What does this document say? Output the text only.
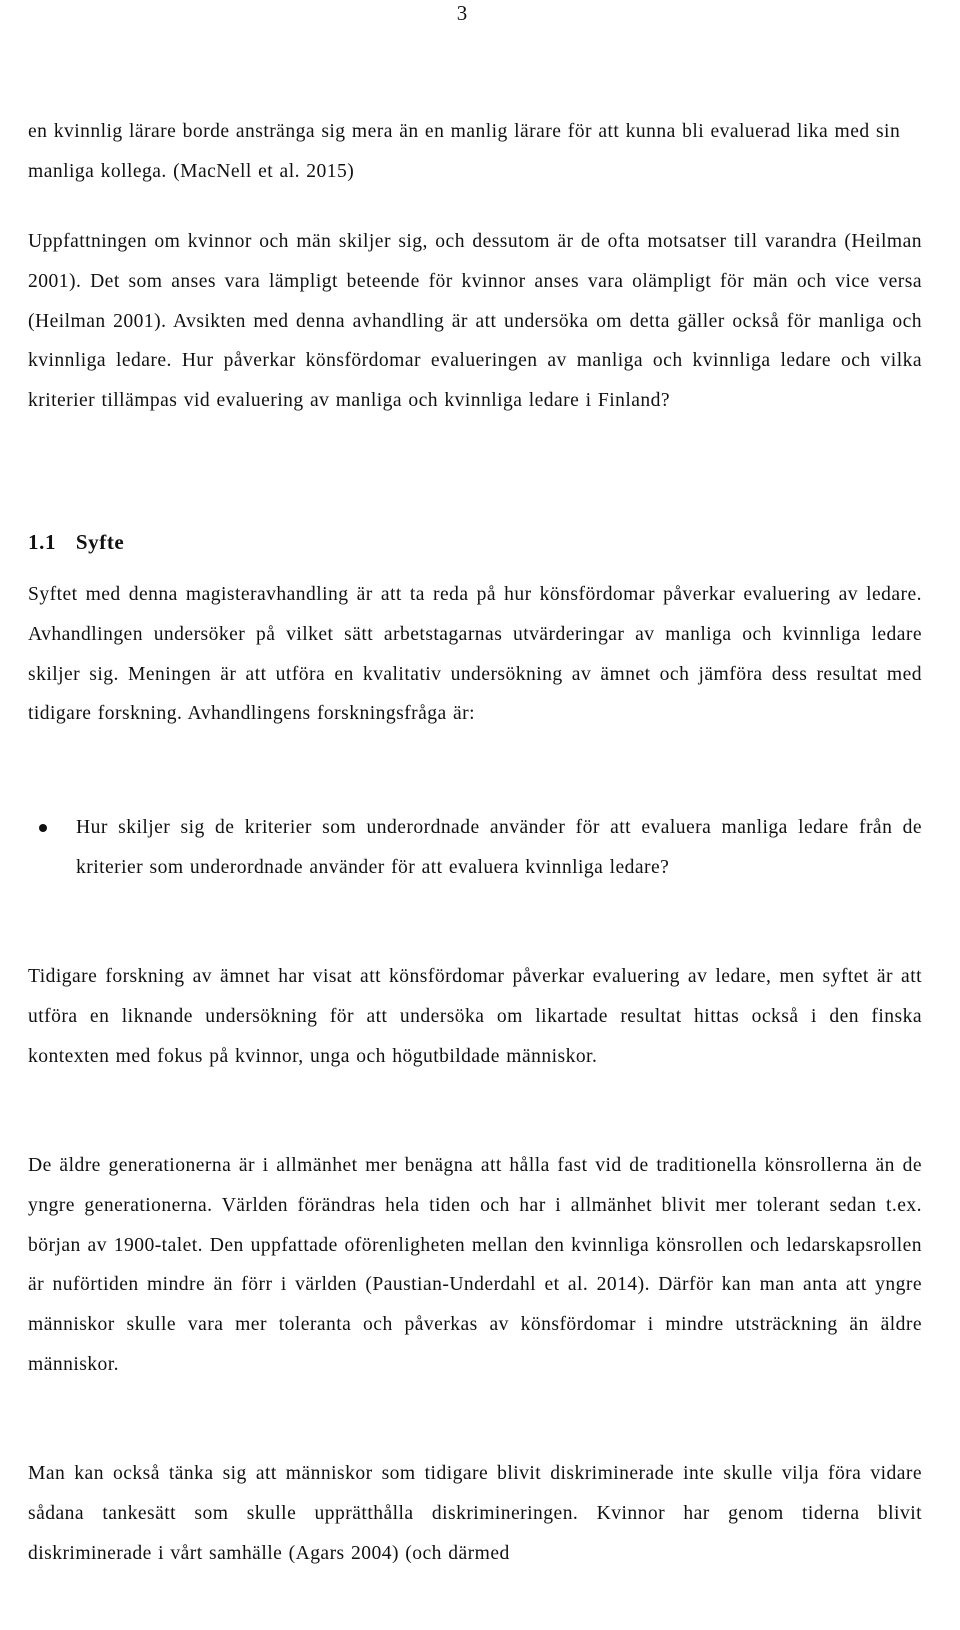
3

en kvinnlig lärare borde anstränga sig mera än en manlig lärare för att kunna bli evaluerad lika med sin manliga kollega. (MacNell et al. 2015)

Uppfattningen om kvinnor och män skiljer sig, och dessutom är de ofta motsatser till varandra (Heilman 2001). Det som anses vara lämpligt beteende för kvinnor anses vara olämpligt för män och vice versa (Heilman 2001). Avsikten med denna avhandling är att undersöka om detta gäller också för manliga och kvinnliga ledare. Hur påverkar könsfördomar evalueringen av manliga och kvinnliga ledare och vilka kriterier tillämpas vid evaluering av manliga och kvinnliga ledare i Finland?

1.1 Syfte

Syftet med denna magisteravhandling är att ta reda på hur könsfördomar påverkar evaluering av ledare. Avhandlingen undersöker på vilket sätt arbetstagarnas utvärderingar av manliga och kvinnliga ledare skiljer sig. Meningen är att utföra en kvalitativ undersökning av ämnet och jämföra dess resultat med tidigare forskning. Avhandlingens forskningsfråga är:

Hur skiljer sig de kriterier som underordnade använder för att evaluera manliga ledare från de kriterier som underordnade använder för att evaluera kvinnliga ledare?

Tidigare forskning av ämnet har visat att könsfördomar påverkar evaluering av ledare, men syftet är att utföra en liknande undersökning för att undersöka om likartade resultat hittas också i den finska kontexten med fokus på kvinnor, unga och högutbildade människor.

De äldre generationerna är i allmänhet mer benägna att hålla fast vid de traditionella könsrollerna än de yngre generationerna. Världen förändras hela tiden och har i allmänhet blivit mer tolerant sedan t.ex. början av 1900-talet. Den uppfattade oförenligheten mellan den kvinnliga könsrollen och ledarskapsrollen är nuförtiden mindre än förr i världen (Paustian-Underdahl et al. 2014). Därför kan man anta att yngre människor skulle vara mer toleranta och påverkas av könsfördomar i mindre utsträckning än äldre människor.

Man kan också tänka sig att människor som tidigare blivit diskriminerade inte skulle vilja föra vidare sådana tankesätt som skulle upprätthålla diskrimineringen. Kvinnor har genom tiderna blivit diskriminerade i vårt samhälle (Agars 2004) (och därmed
